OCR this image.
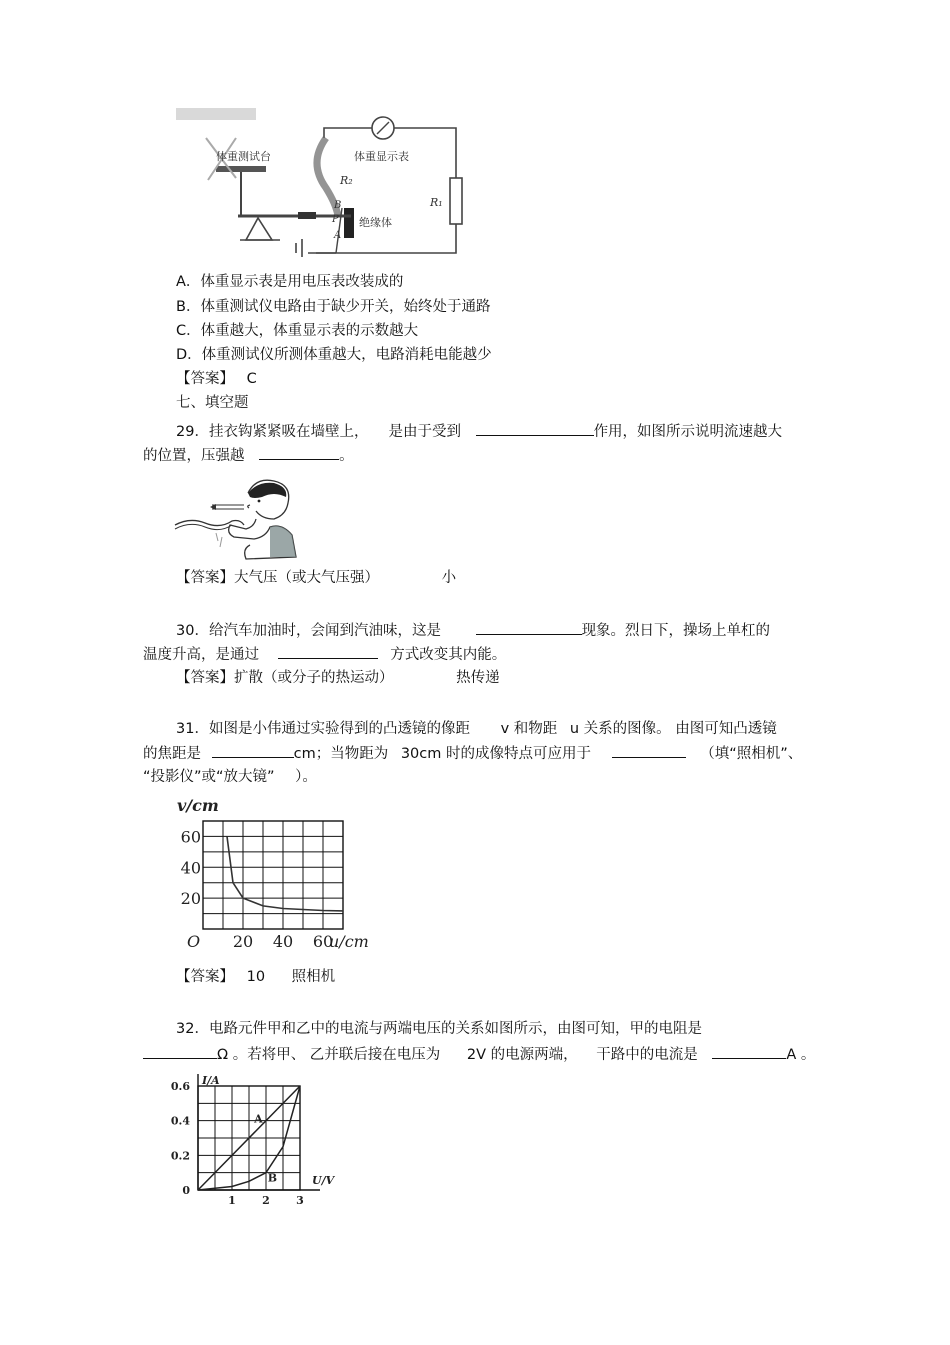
体重测试台	体重显示表
绝缘体
R₁
R₂
B
P
A
A．体重显示表是用电压表改装成的
B．体重测试仪电路由于缺少开关，始终处于通路
C．体重越大，体重显示表的示数越大
D．体重测试仪所测体重越大，电路消耗电能越少
【答案】 C
七、填空题
29．挂衣钩紧紧吸在墙壁上， 是由于受到	作用，如图所示说明流速越大
的位置，压强越	。
【答案】大气压（或大气压强）	小
30．给汽车加油时，会闻到汽油味，这是	现象。烈日下，操场上单杠的
温度升高，是通过	方式改变其内能。
【答案】扩散（或分子的热运动）	热传递
31．如图是小伟通过实验得到的凸透镜的像距 v 和物距 u 关系的图像。 由图可知凸透镜
的焦距是	cm；当物距为 30cm 时的成像特点可应用于	（填“照相机”、
“投影仪”或“放大镜” ）。
20 40 60
20
40
60
O
v/cm
u/cm
【答案】 10 照相机
32．电路元件甲和乙中的电流与两端电压的关系如图所示，由图可知，甲的电阻是
Ω 。若将甲、 乙并联后接在电压为 2V 的电源两端， 干路中的电流是	A 。
1 2 3
0.2
0.4
0.6
0
I/A
U/V
A
B
